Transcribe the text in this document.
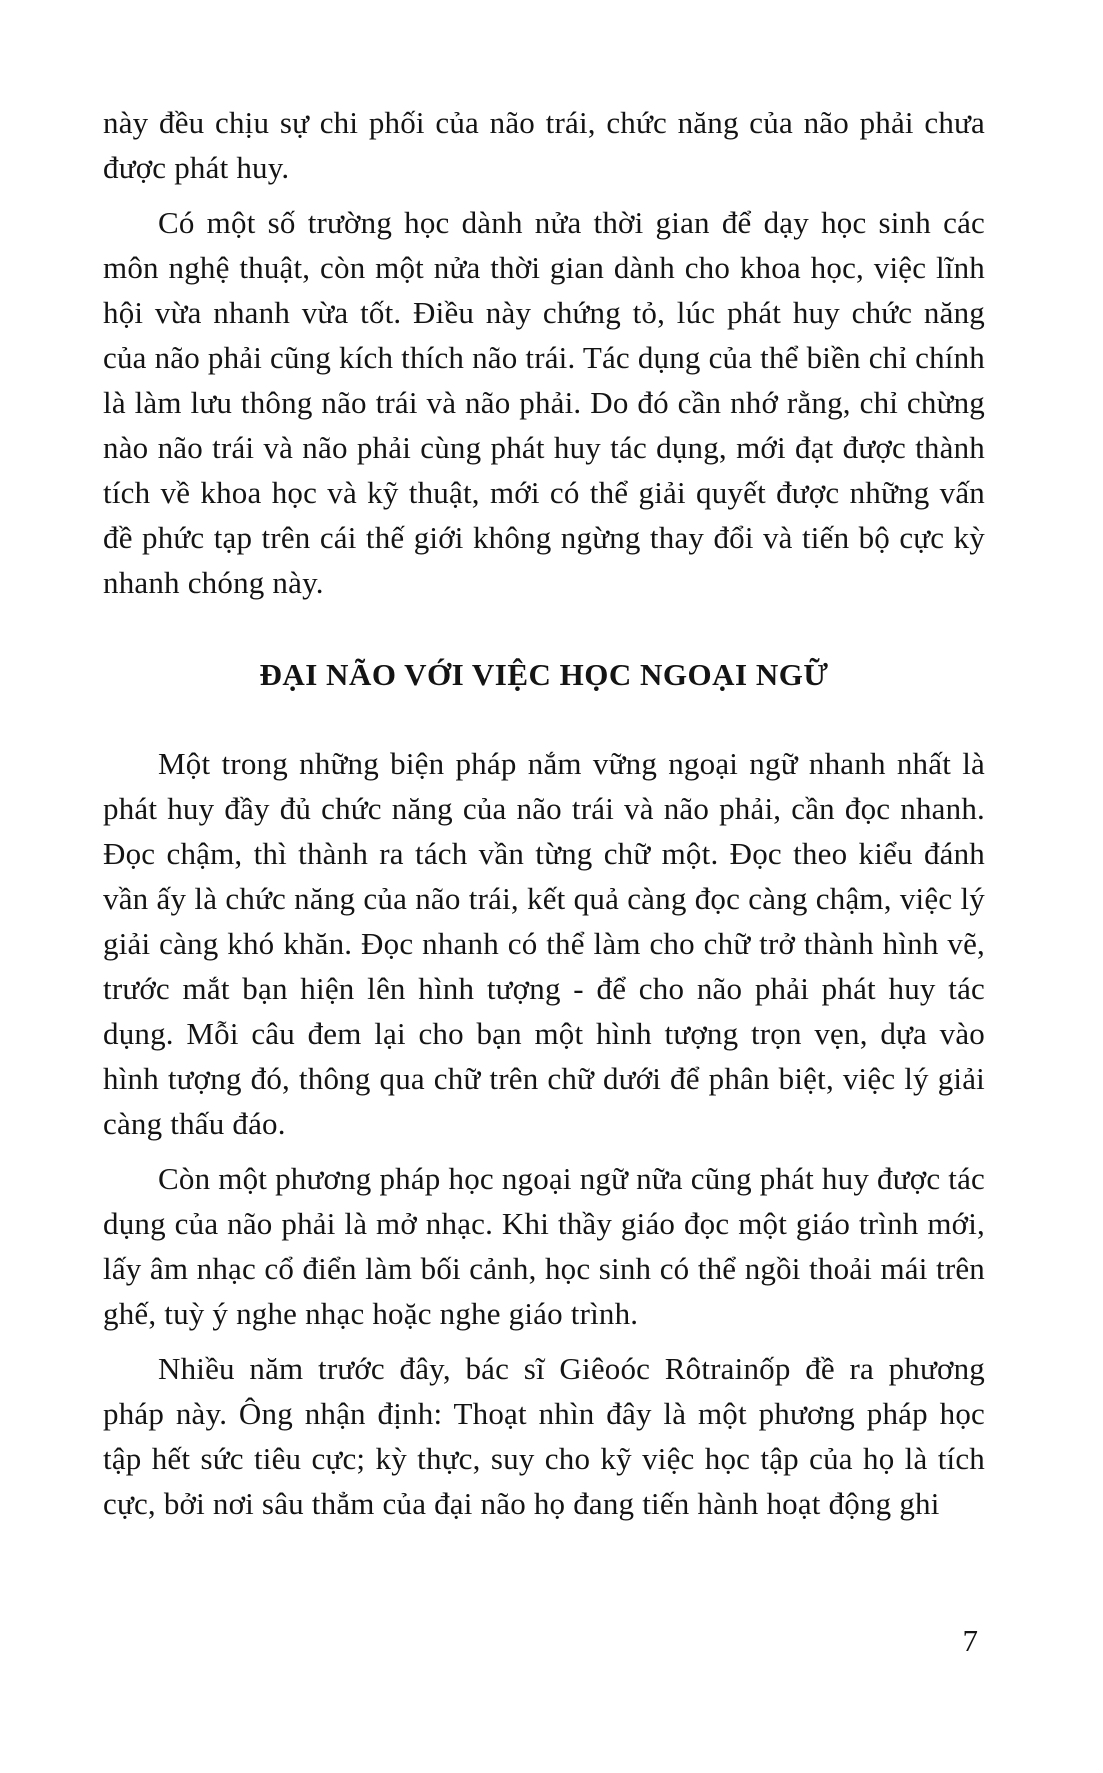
này đều chịu sự chi phối của não trái, chức năng của não phải chưa được phát huy.

Có một số trường học dành nửa thời gian để dạy học sinh các môn nghệ thuật, còn một nửa thời gian dành cho khoa học, việc lĩnh hội vừa nhanh vừa tốt. Điều này chứng tỏ, lúc phát huy chức năng của não phải cũng kích thích não trái. Tác dụng của thể biền chỉ chính là làm lưu thông não trái và não phải. Do đó cần nhớ rằng, chỉ chừng nào não trái và não phải cùng phát huy tác dụng, mới đạt được thành tích về khoa học và kỹ thuật, mới có thể giải quyết được những vấn đề phức tạp trên cái thế giới không ngừng thay đổi và tiến bộ cực kỳ nhanh chóng này.

ĐẠI NÃO VỚI VIỆC HỌC NGOẠI NGỮ

Một trong những biện pháp nắm vững ngoại ngữ nhanh nhất là phát huy đầy đủ chức năng của não trái và não phải, cần đọc nhanh. Đọc chậm, thì thành ra tách vần từng chữ một. Đọc theo kiểu đánh vần ấy là chức năng của não trái, kết quả càng đọc càng chậm, việc lý giải càng khó khăn. Đọc nhanh có thể làm cho chữ trở thành hình vẽ, trước mắt bạn hiện lên hình tượng - để cho não phải phát huy tác dụng. Mỗi câu đem lại cho bạn một hình tượng trọn vẹn, dựa vào hình tượng đó, thông qua chữ trên chữ dưới để phân biệt, việc lý giải càng thấu đáo.

Còn một phương pháp học ngoại ngữ nữa cũng phát huy được tác dụng của não phải là mở nhạc. Khi thầy giáo đọc một giáo trình mới, lấy âm nhạc cổ điển làm bối cảnh, học sinh có thể ngồi thoải mái trên ghế, tuỳ ý nghe nhạc hoặc nghe giáo trình.

Nhiều năm trước đây, bác sĩ Giêoóc Rôtrainốp đề ra phương pháp này. Ông nhận định: Thoạt nhìn đây là một phương pháp học tập hết sức tiêu cực; kỳ thực, suy cho kỹ việc học tập của họ là tích cực, bởi nơi sâu thẳm của đại não họ đang tiến hành hoạt động ghi

7
